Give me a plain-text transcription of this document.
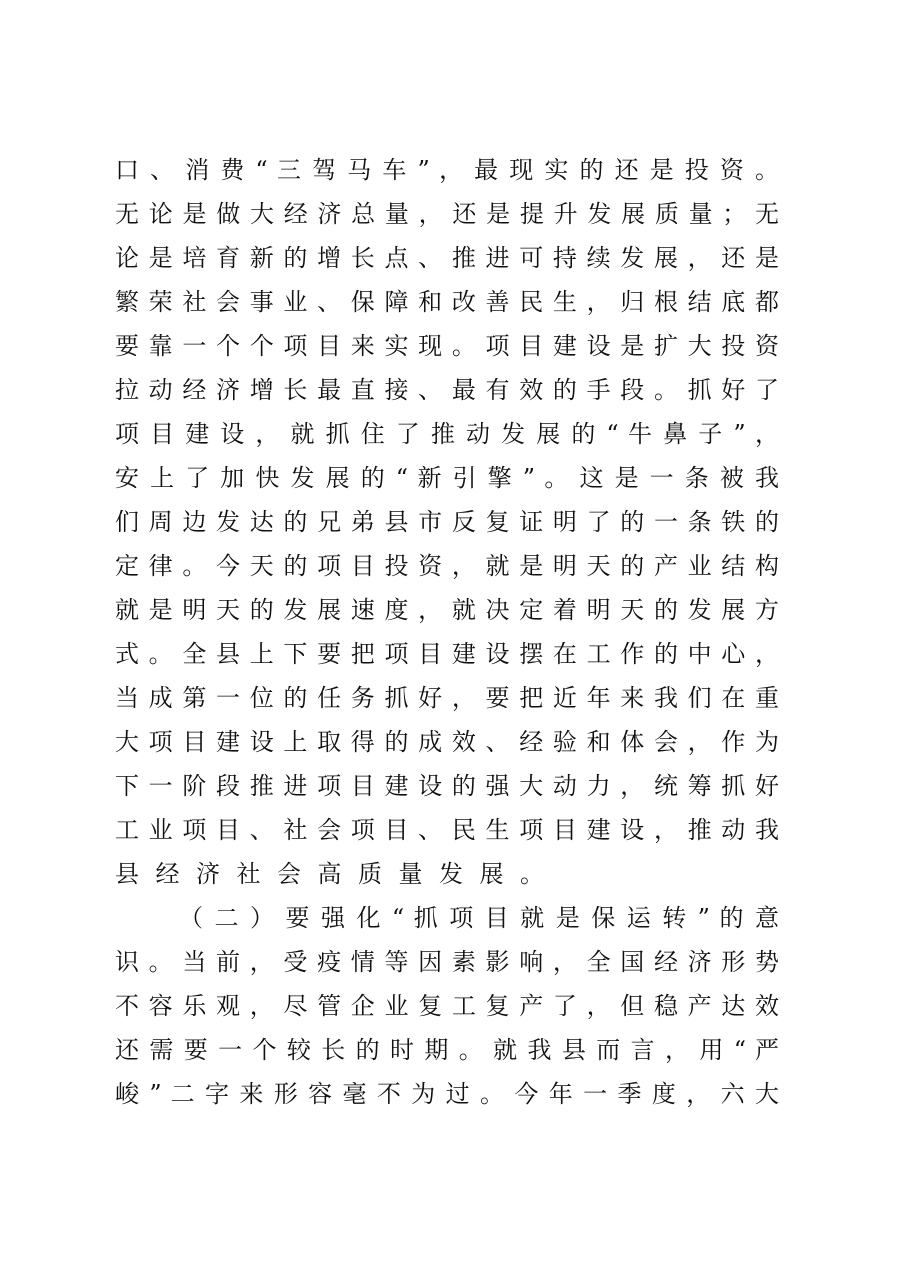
口 、 消 费 “ 三 驾 马 车 ” ， 最 现 实 的 还 是 投 资 。
无 论 是 做 大 经 济 总 量 ， 还 是 提 升 发 展 质 量 ； 无
论 是 培 育 新 的 增 长 点 、 推 进 可 持 续 发 展 ， 还 是
繁 荣 社 会 事 业 、 保 障 和 改 善 民 生 ， 归 根 结 底 都
要 靠 一 个 个 项 目 来 实 现 。 项 目 建 设 是 扩 大 投 资
拉 动 经 济 增 长 最 直 接 、 最 有 效 的 手 段 。 抓 好 了
项 目 建 设 ， 就 抓 住 了 推 动 发 展 的 “ 牛 鼻 子 ” ，
安 上 了 加 快 发 展 的 “ 新 引 擎 ” 。 这 是 一 条 被 我
们 周 边 发 达 的 兄 弟 县 市 反 复 证 明 了 的 一 条 铁 的
定 律 。 今 天 的 项 目 投 资 ， 就 是 明 天 的 产 业 结 构
就 是 明 天 的 发 展 速 度 ， 就 决 定 着 明 天 的 发 展 方
式 。 全 县 上 下 要 把 项 目 建 设 摆 在 工 作 的 中 心 ，
当 成 第 一 位 的 任 务 抓 好 ， 要 把 近 年 来 我 们 在 重
大 项 目 建 设 上 取 得 的 成 效 、 经 验 和 体 会 ， 作 为
下 一 阶 段 推 进 项 目 建 设 的 强 大 动 力 ， 统 筹 抓 好
工 业 项 目 、 社 会 项 目 、 民 生 项 目 建 设 ， 推 动 我
县经济社会高质量发展。
（ 二 ） 要 强 化 “ 抓 项 目 就 是 保 运 转 ” 的 意
识 。 当 前 ， 受 疫 情 等 因 素 影 响 ， 全 国 经 济 形 势
不 容 乐 观 ， 尽 管 企 业 复 工 复 产 了 ， 但 稳 产 达 效
还 需 要 一 个 较 长 的 时 期 。 就 我 县 而 言 ， 用 “ 严
峻 ” 二 字 来 形 容 毫 不 为 过 。 今 年 一 季 度 ， 六 大
